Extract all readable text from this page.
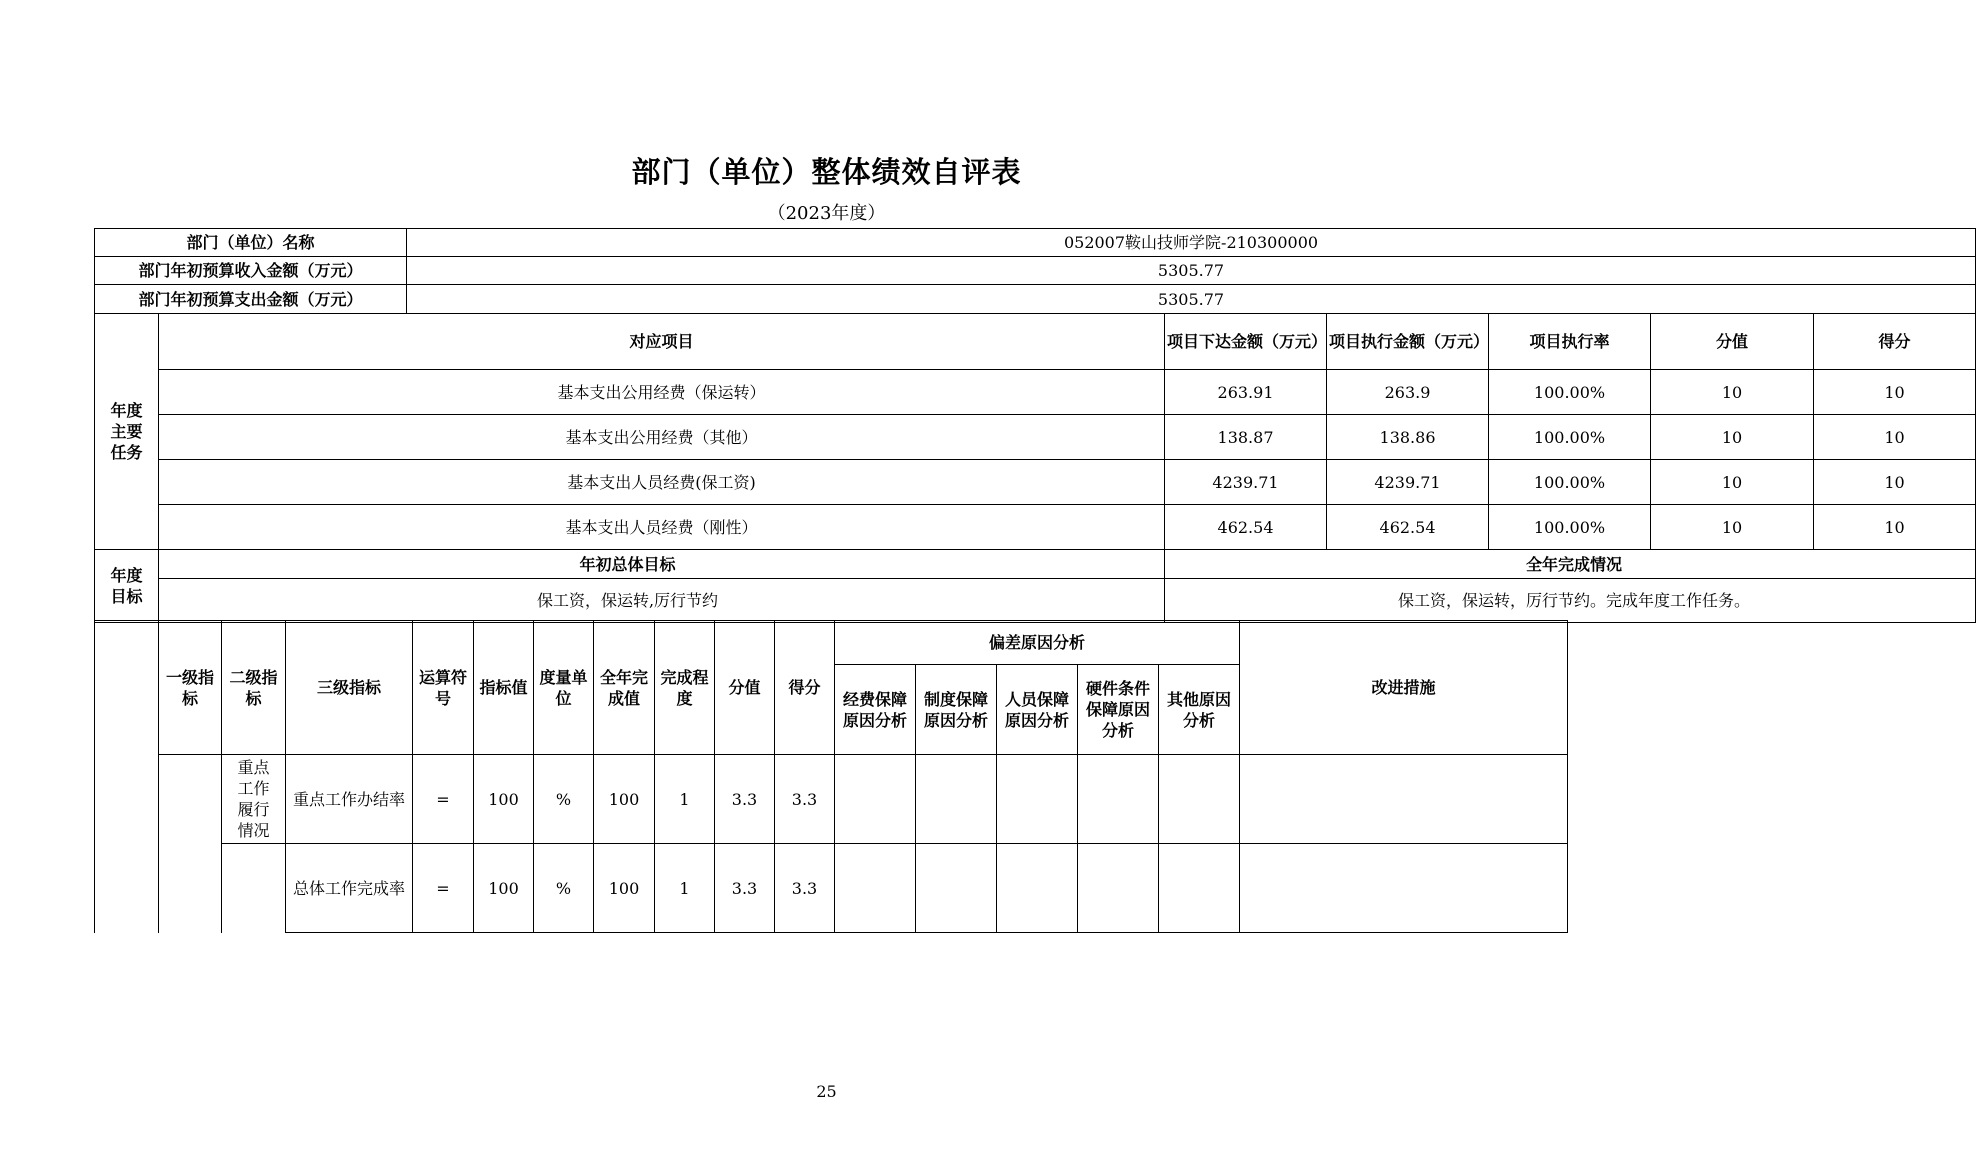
部门（单位）整体绩效自评表
（2023年度）
部门（单位）名称		052007鞍山技师学院-210300000					
部门年初预算收入金额（万元）		5305.77					
部门年初预算支出金额（万元）		5305.77					
年度主要任务	对应项目		项目下达金额（万元）	项目执行金额（万元）	项目执行率	分值	得分
	基本支出公用经费（保运转）		263.91	263.9	100.00%	10	10
	基本支出公用经费（其他）		138.87	138.86	100.00%	10	10
	基本支出人员经费(保工资)		4239.71	4239.71	100.00%	10	10
	基本支出人员经费（刚性）		462.54	462.54	100.00%	10	10
年度目标	年初总体目标		全年完成情况				
	保工资，保运转,厉行节约		保工资，保运转，厉行节约。完成年度工作任务。				
	一级指标	二级指标	三级指标	运算符号	指标值	度量单位	全年完成值	完成程度	分值	得分	偏差原因分析					改进措施
											经费保障原因分析	制度保障原因分析	人员保障原因分析	硬件条件保障原因分析	其他原因分析	
		重点工作履行情况	重点工作办结率	=	100	%	100	1	3.3	3.3						
			总体工作完成率	=	100	%	100	1	3.3	3.3						
25
